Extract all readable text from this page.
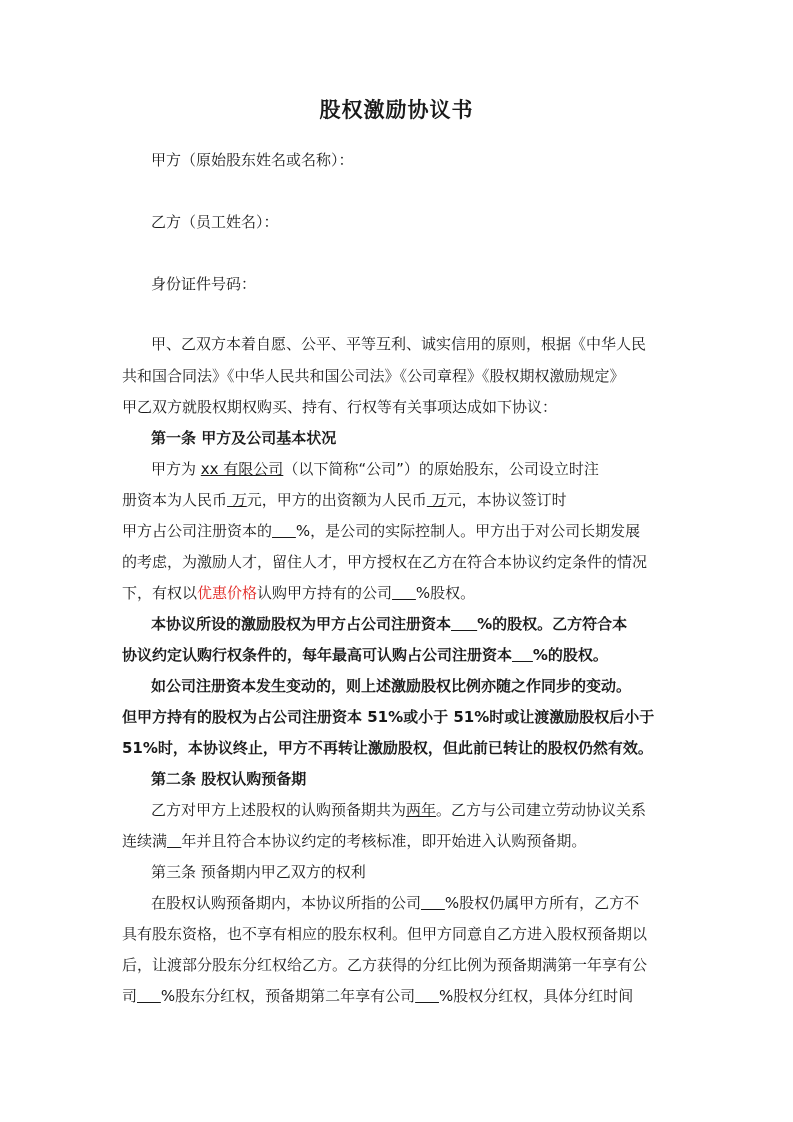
股权激励协议书

甲方（原始股东姓名或名称）：

乙方（员工姓名）：

身份证件号码：

甲、乙双方本着自愿、公平、平等互利、诚实信用的原则，根据《中华人民

共和国合同法》《中华人民共和国公司法》《公司章程》《股权期权激励规定》

甲乙双方就股权期权购买、持有、行权等有关事项达成如下协议：

第一条 甲方及公司基本状况

甲方为 xx 有限公司（以下简称“公司”）的原始股东，公司设立时注

册资本为人民币 万元，甲方的出资额为人民币 万元，本协议签订时

甲方占公司注册资本的 %，是公司的实际控制人。甲方出于对公司长期发展

的考虑，为激励人才，留住人才，甲方授权在乙方在符合本协议约定条件的情况

下，有权以优惠价格认购甲方持有的公司 %股权。

本协议所设的激励股权为甲方占公司注册资本 %的股权。乙方符合本

协议约定认购行权条件的，每年最高可认购占公司注册资本 %的股权。

如公司注册资本发生变动的，则上述激励股权比例亦随之作同步的变动。

但甲方持有的股权为占公司注册资本 51%或小于 51%时或让渡激励股权后小于

51%时，本协议终止，甲方不再转让激励股权，但此前已转让的股权仍然有效。

第二条 股权认购预备期

乙方对甲方上述股权的认购预备期共为两年。乙方与公司建立劳动协议关系

连续满 年并且符合本协议约定的考核标准，即开始进入认购预备期。

第三条 预备期内甲乙双方的权利

在股权认购预备期内，本协议所指的公司 %股权仍属甲方所有，乙方不

具有股东资格，也不享有相应的股东权利。但甲方同意自乙方进入股权预备期以

后，让渡部分股东分红权给乙方。乙方获得的分红比例为预备期满第一年享有公

司 %股东分红权，预备期第二年享有公司 %股权分红权，具体分红时间
